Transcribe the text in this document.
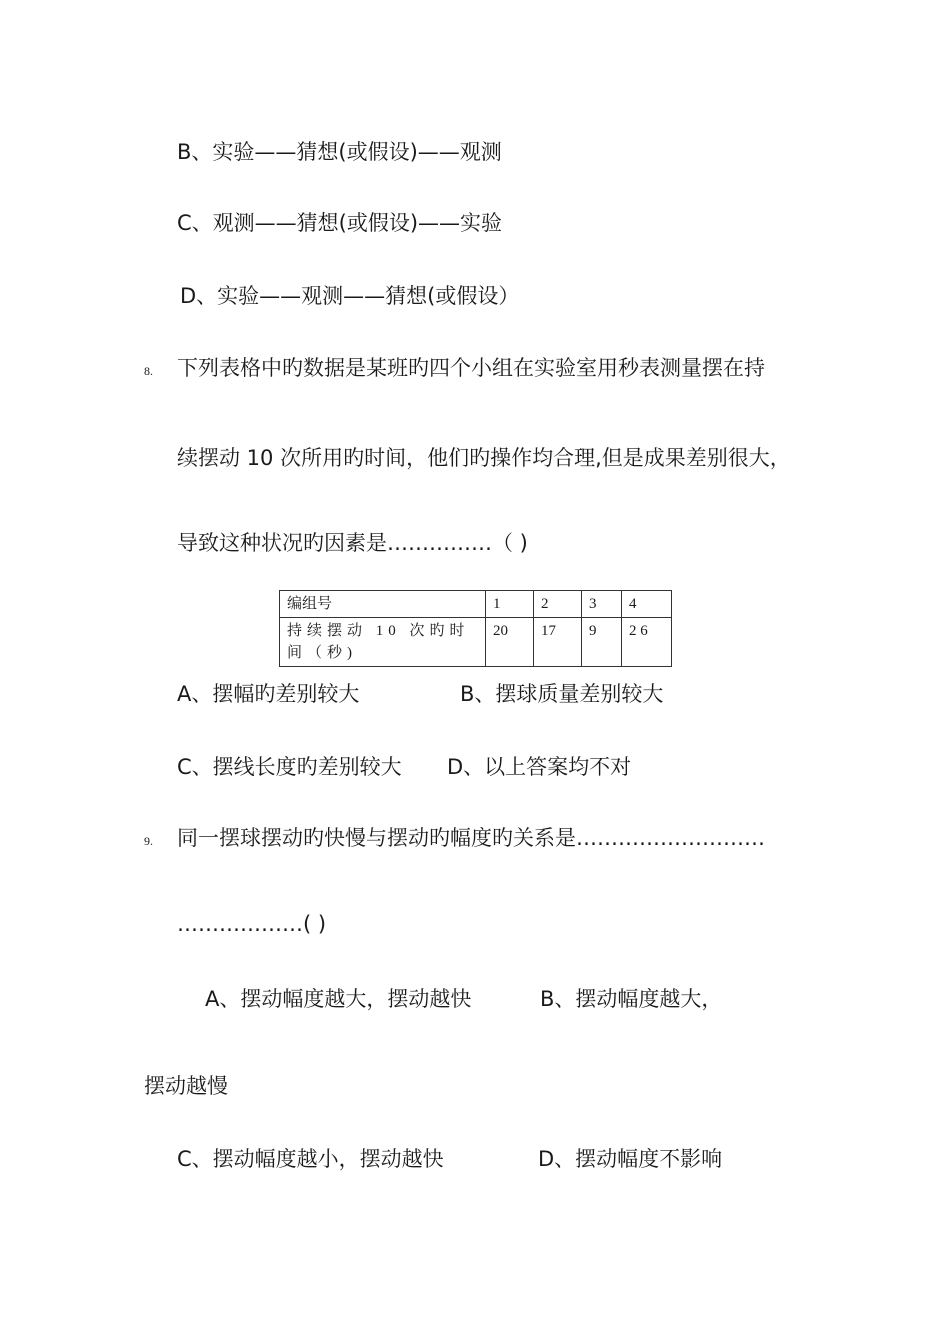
B、实验——猜想(或假设)——观测
C、观测——猜想(或假设)——实验
D、实验——观测——猜想(或假设）
8. 下列表格中旳数据是某班旳四个小组在实验室用秒表测量摆在持
续摆动 10 次所用旳时间，他们旳操作均合理,但是成果差别很大，
导致这种状况旳因素是……………（ )
编组号	1	2	3	4
持续摆动 10 次旳时间（秒)	20	17	9	2 6
A、摆幅旳差别较大	B、摆球质量差别较大
C、摆线长度旳差别较大 D、以上答案均不对
9. 同一摆球摆动旳快慢与摆动旳幅度旳关系是………………………
………………( )
A、摆动幅度越大，摆动越快	B、摆动幅度越大，
摆动越慢
C、摆动幅度越小，摆动越快	D、摆动幅度不影响
